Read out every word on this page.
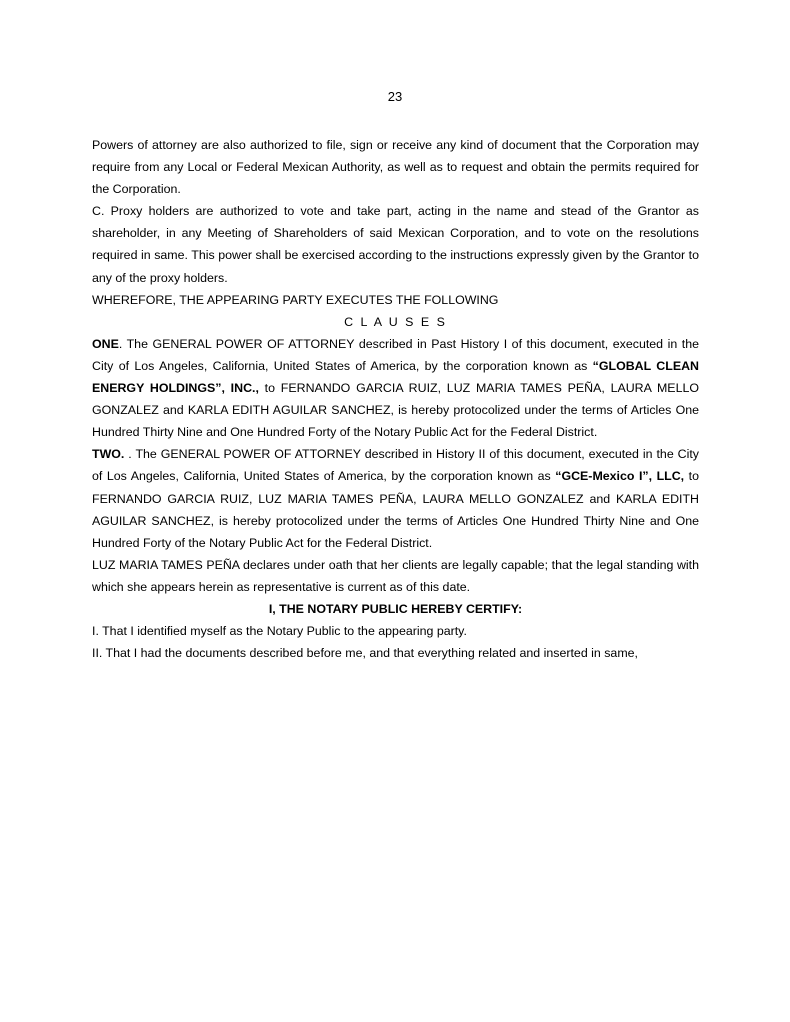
23

Powers of attorney are also authorized to file, sign or receive any kind of document that the Corporation may require from any Local or Federal Mexican Authority, as well as to request and obtain the permits required for the Corporation.

C. Proxy holders are authorized to vote and take part, acting in the name and stead of the Grantor as shareholder, in any Meeting of Shareholders of said Mexican Corporation, and to vote on the resolutions required in same. This power shall be exercised according to the instructions expressly given by the Grantor to any of the proxy holders.

WHEREFORE, THE APPEARING PARTY EXECUTES THE FOLLOWING

C L A U S E S

ONE. The GENERAL POWER OF ATTORNEY described in Past History I of this document, executed in the City of Los Angeles, California, United States of America, by the corporation known as “GLOBAL CLEAN ENERGY HOLDINGS”, INC., to FERNANDO GARCIA RUIZ, LUZ MARIA TAMES PEÑA, LAURA MELLO GONZALEZ and KARLA EDITH AGUILAR SANCHEZ, is hereby protocolized under the terms of Articles One Hundred Thirty Nine and One Hundred Forty of the Notary Public Act for the Federal District.

TWO. . The GENERAL POWER OF ATTORNEY described in History II of this document, executed in the City of Los Angeles, California, United States of America, by the corporation known as “GCE-Mexico I”, LLC, to FERNANDO GARCIA RUIZ, LUZ MARIA TAMES PEÑA, LAURA MELLO GONZALEZ and KARLA EDITH AGUILAR SANCHEZ, is hereby protocolized under the terms of Articles One Hundred Thirty Nine and One Hundred Forty of the Notary Public Act for the Federal District.

LUZ MARIA TAMES PEÑA declares under oath that her clients are legally capable; that the legal standing with which she appears herein as representative is current as of this date.

I, THE NOTARY PUBLIC HEREBY CERTIFY:

I. That I identified myself as the Notary Public to the appearing party.

II. That I had the documents described before me, and that everything related and inserted in same,
